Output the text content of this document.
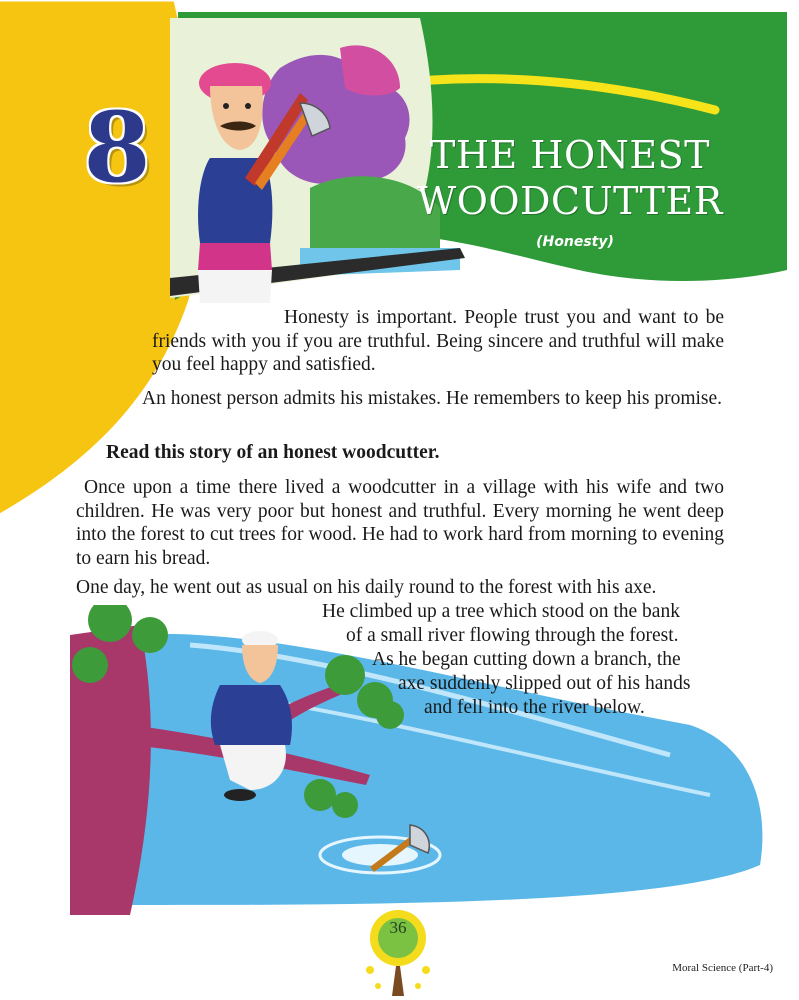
8	THE HONEST
WOODCUTTER
(Honesty)

Honesty is important. People trust you and want to be friends with you if you are truthful. Being sincere and truthful will make you feel happy and satisfied.

An honest person admits his mistakes. He remembers to keep his promise.

Read this story of an honest woodcutter.

Once upon a time there lived a woodcutter in a village with his wife and two children. He was very poor but honest and truthful. Every morning he went deep into the forest to cut trees for wood. He had to work hard from morning to evening to earn his bread.

One day, he went out as usual on his daily round to the forest with his axe.

He climbed up a tree which stood on the bank

of a small river flowing through the forest.

As he began cutting down a branch, the

axe suddenly slipped out of his hands

and fell into the river below.

36
Moral Science (Part-4)
